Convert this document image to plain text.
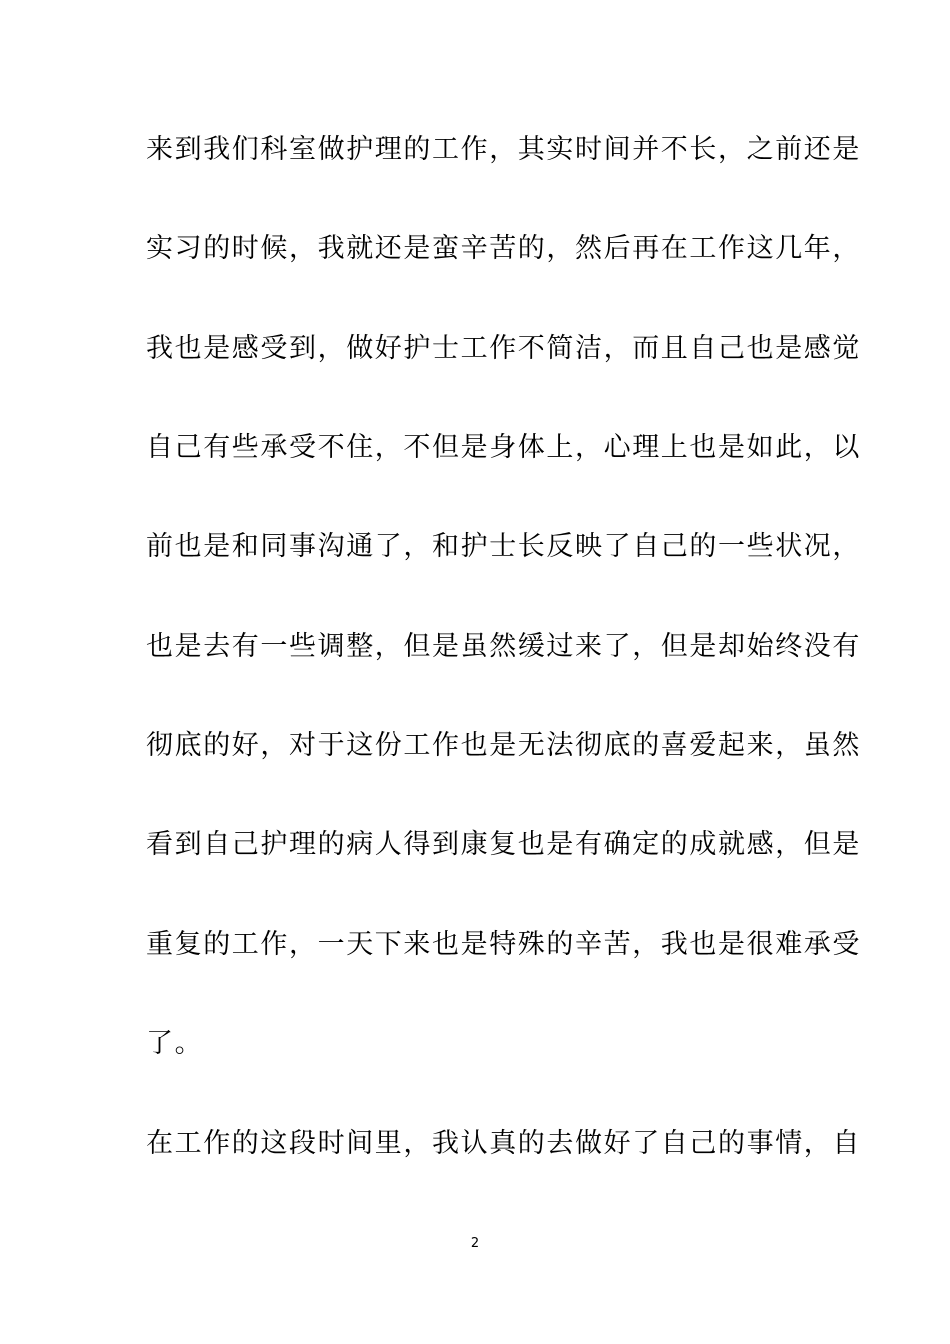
来到我们科室做护理的工作，其实时间并不长，之前还是
实习的时候，我就还是蛮辛苦的，然后再在工作这几年，
我也是感受到，做好护士工作不简洁，而且自己也是感觉
自己有些承受不住，不但是身体上，心理上也是如此，以
前也是和同事沟通了，和护士长反映了自己的一些状况，
也是去有一些调整，但是虽然缓过来了，但是却始终没有
彻底的好，对于这份工作也是无法彻底的喜爱起来，虽然
看到自己护理的病人得到康复也是有确定的成就感，但是
重复的工作，一天下来也是特殊的辛苦，我也是很难承受
了。
在工作的这段时间里，我认真的去做好了自己的事情，自
2
